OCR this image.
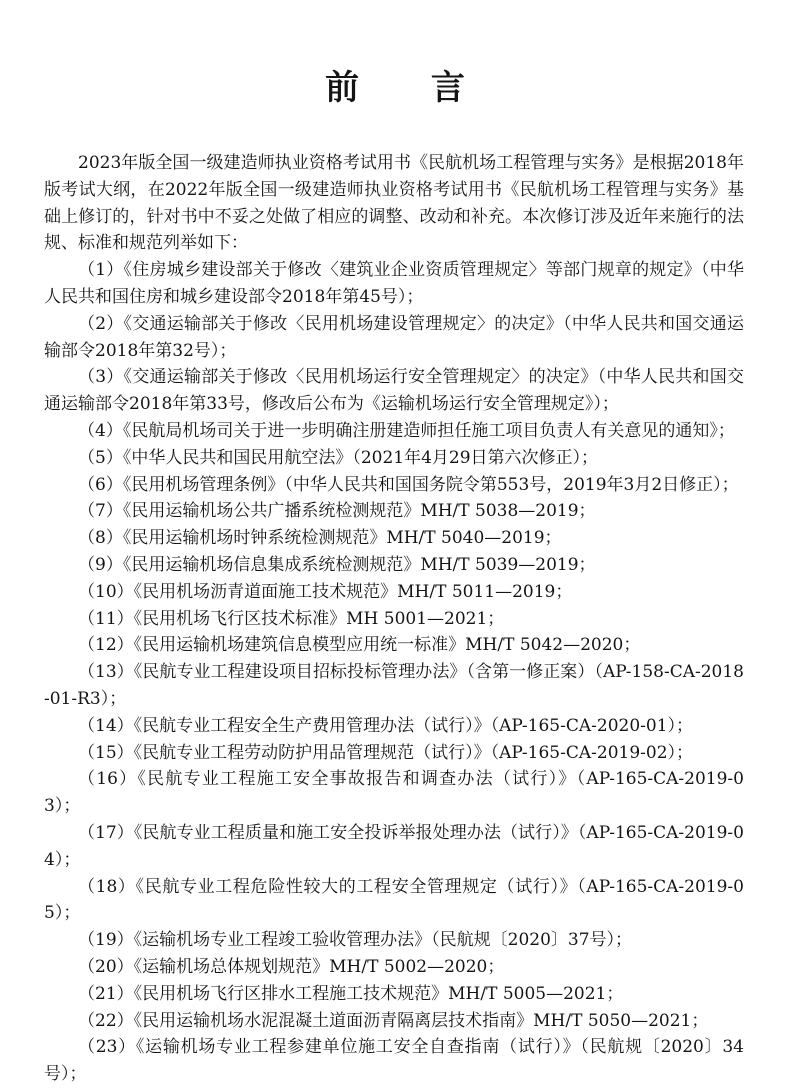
前 言

2023年版全国一级建造师执业资格考试用书《民航机场工程管理与实务》是根据2018年版考试大纲，在2022年版全国一级建造师执业资格考试用书《民航机场工程管理与实务》基础上修订的，针对书中不妥之处做了相应的调整、改动和补充。本次修订涉及近年来施行的法规、标准和规范列举如下：

（1）《住房城乡建设部关于修改〈建筑业企业资质管理规定〉等部门规章的规定》（中华人民共和国住房和城乡建设部令2018年第45号）；

（2）《交通运输部关于修改〈民用机场建设管理规定〉的决定》（中华人民共和国交通运输部令2018年第32号）；

（3）《交通运输部关于修改〈民用机场运行安全管理规定〉的决定》（中华人民共和国交通运输部令2018年第33号，修改后公布为《运输机场运行安全管理规定》）；

（4）《民航局机场司关于进一步明确注册建造师担任施工项目负责人有关意见的通知》；

（5）《中华人民共和国民用航空法》（2021年4月29日第六次修正）；

（6）《民用机场管理条例》（中华人民共和国国务院令第553号，2019年3月2日修正）；

（7）《民用运输机场公共广播系统检测规范》MH/T 5038—2019；

（8）《民用运输机场时钟系统检测规范》MH/T 5040—2019；

（9）《民用运输机场信息集成系统检测规范》MH/T 5039—2019；

（10）《民用机场沥青道面施工技术规范》MH/T 5011—2019；

（11）《民用机场飞行区技术标准》MH 5001—2021；

（12）《民用运输机场建筑信息模型应用统一标准》MH/T 5042—2020；

（13）《民航专业工程建设项目招标投标管理办法》（含第一修正案）（AP-158-CA-2018-01-R3）；

（14）《民航专业工程安全生产费用管理办法（试行）》（AP-165-CA-2020-01）；

（15）《民航专业工程劳动防护用品管理规范（试行）》（AP-165-CA-2019-02）；

（16）《民航专业工程施工安全事故报告和调查办法（试行）》（AP-165-CA-2019-03）；

（17）《民航专业工程质量和施工安全投诉举报处理办法（试行）》（AP-165-CA-2019-04）；

（18）《民航专业工程危险性较大的工程安全管理规定（试行）》（AP-165-CA-2019-05）；

（19）《运输机场专业工程竣工验收管理办法》（民航规〔2020〕37号）；

（20）《运输机场总体规划规范》MH/T 5002—2020；

（21）《民用机场飞行区排水工程施工技术规范》MH/T 5005—2021；

（22）《民用运输机场水泥混凝土道面沥青隔离层技术指南》MH/T 5050—2021；

（23）《运输机场专业工程参建单位施工安全自查指南（试行）》（民航规〔2020〕34号）；
